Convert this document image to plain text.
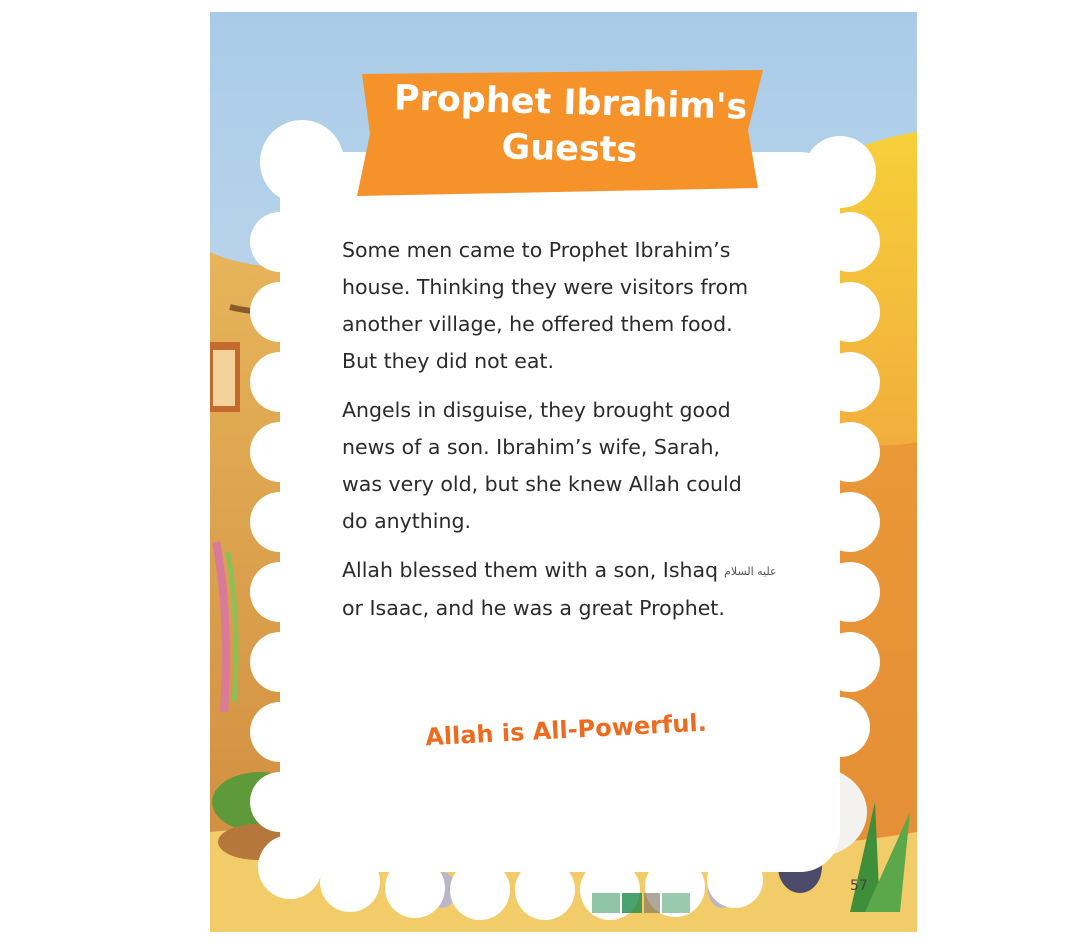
Prophet Ibrahim's
Guests
Some men came to Prophet Ibrahim’s
house. Thinking they were visitors from
another village, he offered them food.
But they did not eat.
Angels in disguise, they brought good
news of a son. Ibrahim’s wife, Sarah,
was very old, but she knew Allah could
do anything.
Allah blessed them with a son, Ishaq عليه السلام
or Isaac, and he was a great Prophet.
Allah is All-Powerful.
57
